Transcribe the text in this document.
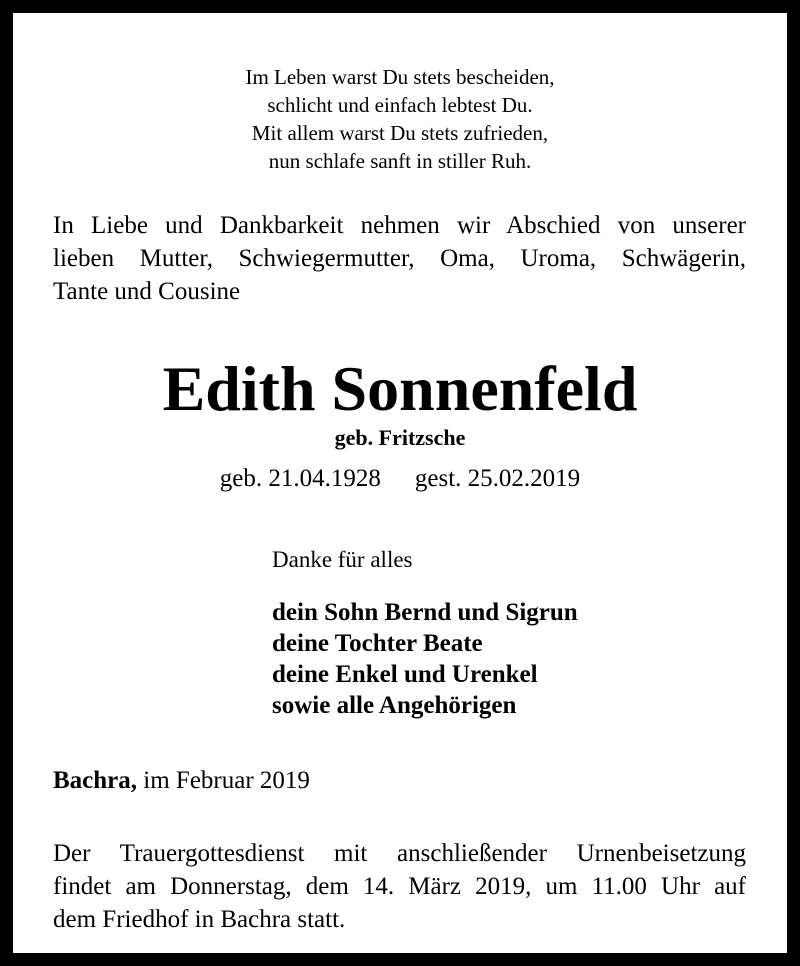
Im Leben warst Du stets bescheiden,
schlicht und einfach lebtest Du.
Mit allem warst Du stets zufrieden,
nun schlafe sanft in stiller Ruh.
In Liebe und Dankbarkeit nehmen wir Abschied von unserer
lieben Mutter, Schwiegermutter, Oma, Uroma, Schwägerin,
Tante und Cousine
Edith Sonnenfeld
geb. Fritzsche
geb. 21.04.1928 gest. 25.02.2019
Danke für alles
dein Sohn Bernd und Sigrun
deine Tochter Beate
deine Enkel und Urenkel
sowie alle Angehörigen
Bachra, im Februar 2019
Der Trauergottesdienst mit anschließender Urnenbeisetzung
findet am Donnerstag, dem 14. März 2019, um 11.00 Uhr auf
dem Friedhof in Bachra statt.
